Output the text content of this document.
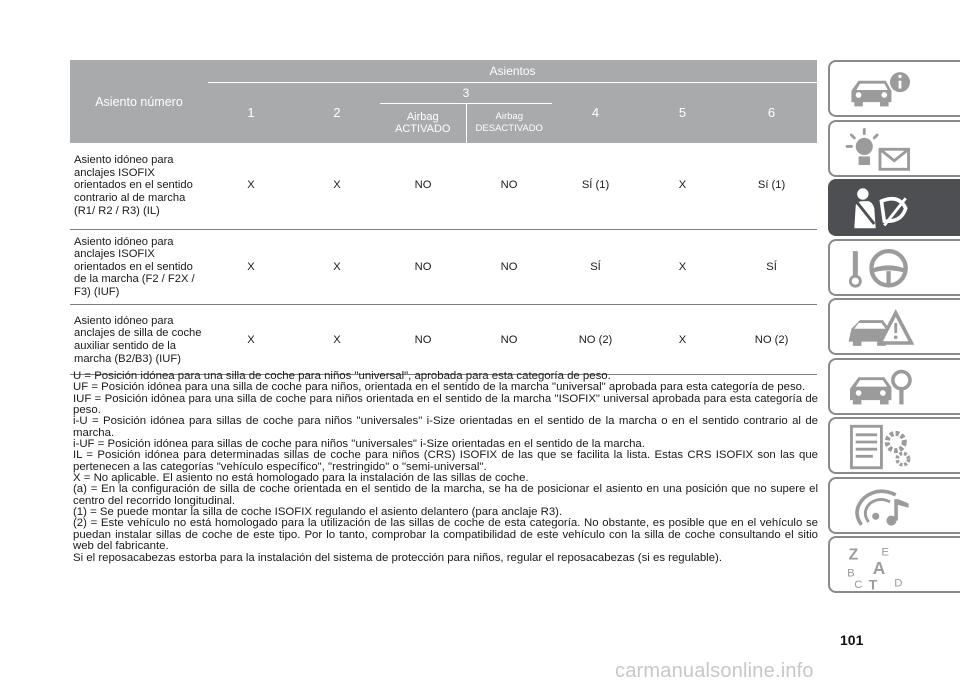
Asiento número	Asientos						
	1	2	3		4	5	6
			Airbag ACTIVADO	Airbag DESACTIVADO			
Asiento idóneo para anclajes ISOFIX orientados en el sentido contrario al de marcha (R1/ R2 / R3) (IL)	X	X	NO	NO	SÍ (1)	X	Sí (1)
Asiento idóneo para anclajes ISOFIX orientados en el sentido de la marcha (F2 / F2X / F3) (IUF)	X	X	NO	NO	SÍ	X	SÍ
Asiento idóneo para anclajes de silla de coche auxiliar sentido de la marcha (B2/B3) (IUF)	X	X	NO	NO	NO (2)	X	NO (2)

U = Posición idónea para una silla de coche para niños "universal", aprobada para esta categoría de peso.

UF = Posición idónea para una silla de coche para niños, orientada en el sentido de la marcha "universal" aprobada para esta categoría de peso.

IUF = Posición idónea para una silla de coche para niños orientada en el sentido de la marcha "ISOFIX" universal aprobada para esta categoría de peso.

i-U = Posición idónea para sillas de coche para niños "universales" i-Size orientadas en el sentido de la marcha o en el sentido contrario al de marcha.

i-UF = Posición idónea para sillas de coche para niños "universales" i-Size orientadas en el sentido de la marcha.

IL = Posición idónea para determinadas sillas de coche para niños (CRS) ISOFIX de las que se facilita la lista. Estas CRS ISOFIX son las que pertenecen a las categorías "vehículo específico", "restringido" o "semi-universal".

X = No aplicable. El asiento no está homologado para la instalación de las sillas de coche.

(a) = En la configuración de silla de coche orientada en el sentido de la marcha, se ha de posicionar el asiento en una posición que no supere el centro del recorrido longitudinal.

(1) = Se puede montar la silla de coche ISOFIX regulando el asiento delantero (para anclaje R3).

(2) = Este vehículo no está homologado para la utilización de las sillas de coche de esta categoría. No obstante, es posible que en el vehículo se puedan instalar sillas de coche de este tipo. Por lo tanto, comprobar la compatibilidad de este vehículo con la silla de coche consultando el sitio web del fabricante.

Si el reposacabezas estorba para la instalación del sistema de protección para niños, regular el reposacabezas (si es regulable).	Z E
A
B
C T D
101
carmanualsonline.info
